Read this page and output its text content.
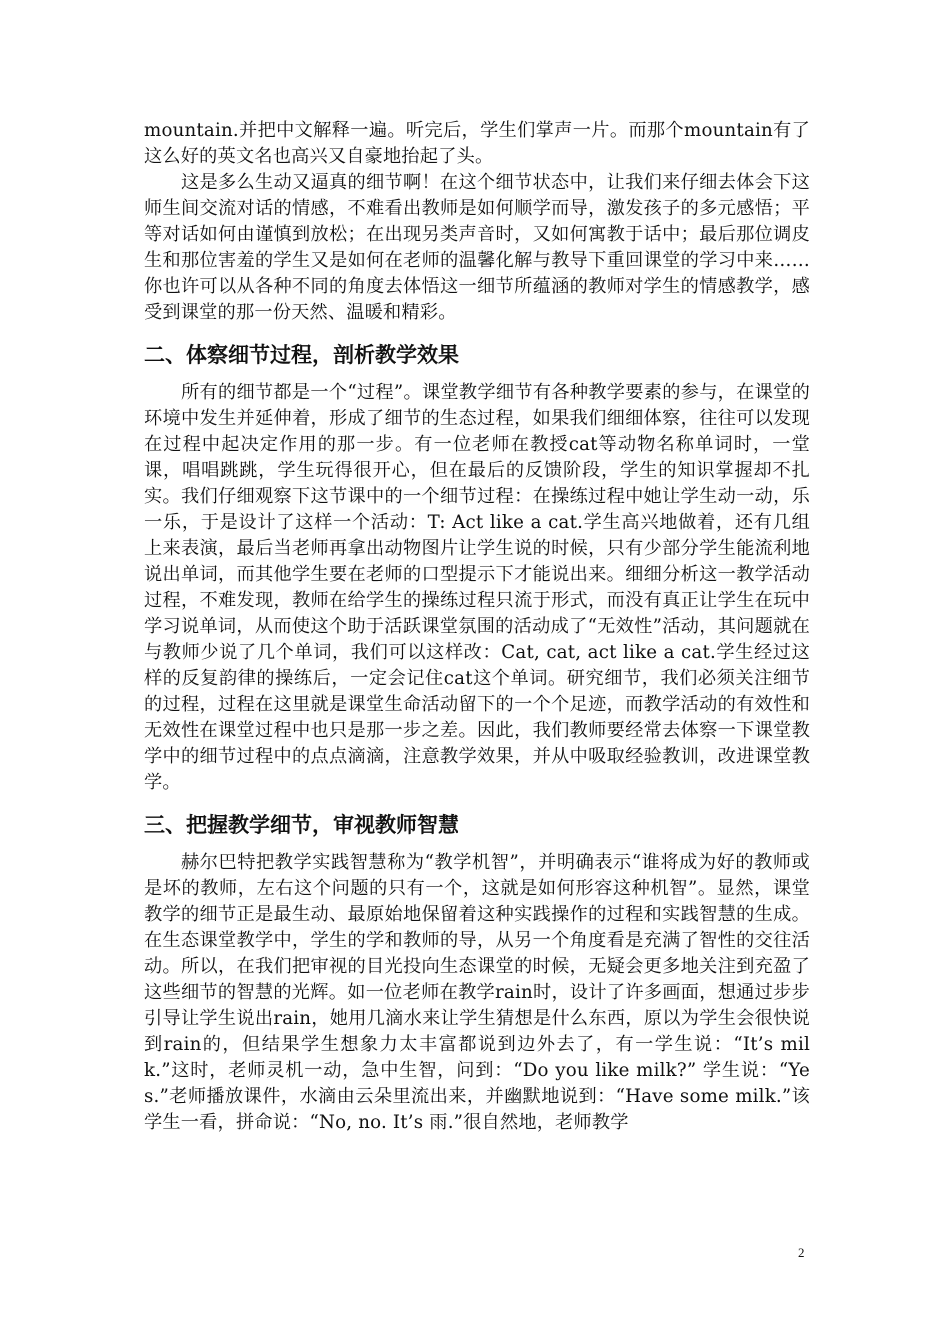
mountain.并把中文解释一遍。听完后，学生们掌声一片。而那个mountain有了这么好的英文名也高兴又自豪地抬起了头。

这是多么生动又逼真的细节啊！在这个细节状态中，让我们来仔细去体会下这师生间交流对话的情感，不难看出教师是如何顺学而导，激发孩子的多元感悟；平等对话如何由谨慎到放松；在出现另类声音时，又如何寓教于话中；最后那位调皮生和那位害羞的学生又是如何在老师的温馨化解与教导下重回课堂的学习中来……你也许可以从各种不同的角度去体悟这一细节所蕴涵的教师对学生的情感教学，感受到课堂的那一份天然、温暖和精彩。

二、体察细节过程，剖析教学效果

所有的细节都是一个“过程”。课堂教学细节有各种教学要素的参与，在课堂的环境中发生并延伸着，形成了细节的生态过程，如果我们细细体察，往往可以发现在过程中起决定作用的那一步。有一位老师在教授cat等动物名称单词时，一堂课，唱唱跳跳，学生玩得很开心，但在最后的反馈阶段，学生的知识掌握却不扎实。我们仔细观察下这节课中的一个细节过程：在操练过程中她让学生动一动，乐一乐，于是设计了这样一个活动：T: Act like a cat.学生高兴地做着，还有几组上来表演，最后当老师再拿出动物图片让学生说的时候，只有少部分学生能流利地说出单词，而其他学生要在老师的口型提示下才能说出来。细细分析这一教学活动过程，不难发现，教师在给学生的操练过程只流于形式，而没有真正让学生在玩中学习说单词，从而使这个助于活跃课堂氛围的活动成了“无效性”活动，其问题就在与教师少说了几个单词，我们可以这样改：Cat, cat, act like a cat.学生经过这样的反复韵律的操练后，一定会记住cat这个单词。研究细节，我们必须关注细节的过程，过程在这里就是课堂生命活动留下的一个个足迹，而教学活动的有效性和无效性在课堂过程中也只是那一步之差。因此，我们教师要经常去体察一下课堂教学中的细节过程中的点点滴滴，注意教学效果，并从中吸取经验教训，改进课堂教学。

三、把握教学细节，审视教师智慧

赫尔巴特把教学实践智慧称为“教学机智”，并明确表示“谁将成为好的教师或是坏的教师，左右这个问题的只有一个，这就是如何形容这种机智”。显然，课堂教学的细节正是最生动、最原始地保留着这种实践操作的过程和实践智慧的生成。在生态课堂教学中，学生的学和教师的导，从另一个角度看是充满了智性的交往活动。所以，在我们把审视的目光投向生态课堂的时候，无疑会更多地关注到充盈了这些细节的智慧的光辉。如一位老师在教学rain时，设计了许多画面，想通过步步引导让学生说出rain，她用几滴水来让学生猜想是什么东西，原以为学生会很快说到rain的，但结果学生想象力太丰富都说到边外去了，有一学生说：“It’s milk.”这时，老师灵机一动，急中生智，问到：“Do you like milk?” 学生说：“Yes.”老师播放课件，水滴由云朵里流出来，并幽默地说到：“Have some milk.”该学生一看，拼命说：“No, no. It’s 雨.”很自然地，老师教学

2
